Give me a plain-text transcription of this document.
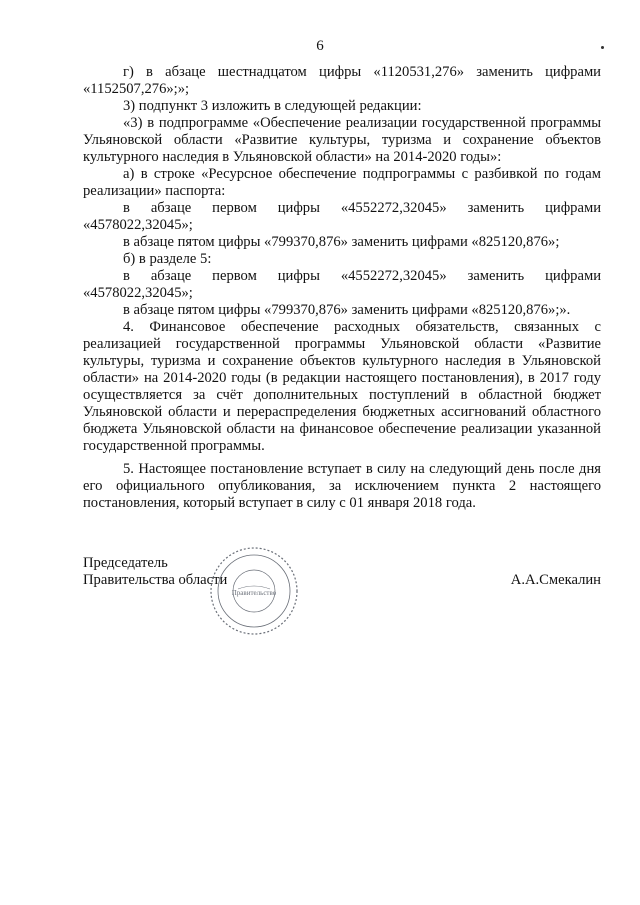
6

г) в абзаце шестнадцатом цифры «1120531,276» заменить цифрами «1152507,276»;»;

3) подпункт 3 изложить в следующей редакции:

«3) в подпрограмме «Обеспечение реализации государственной программы Ульяновской области «Развитие культуры, туризма и сохранение объектов культурного наследия в Ульяновской области» на 2014-2020 годы»:

а) в строке «Ресурсное обеспечение подпрограммы с разбивкой по годам реализации» паспорта:

в абзаце первом цифры «4552272,32045» заменить цифрами «4578022,32045»;

в абзаце пятом цифры «799370,876» заменить цифрами «825120,876»;

б) в разделе 5:

в абзаце первом цифры «4552272,32045» заменить цифрами «4578022,32045»;

в абзаце пятом цифры «799370,876» заменить цифрами «825120,876»;».

4. Финансовое обеспечение расходных обязательств, связанных с реализацией государственной программы Ульяновской области «Развитие культуры, туризма и сохранение объектов культурного наследия в Ульяновской области» на 2014-2020 годы (в редакции настоящего постановления), в 2017 году осуществляется за счёт дополнительных поступлений в областной бюджет Ульяновской области и перераспределения бюджетных ассигнований областного бюджета Ульяновской области на финансовое обеспечение реализации указанной государственной программы.

5. Настоящее постановление вступает в силу на следующий день после дня его официального опубликования, за исключением пункта 2 настоящего постановления, который вступает в силу с 01 января 2018 года.

Председатель
Правительства области
Правительство
А.А.Смекалин
